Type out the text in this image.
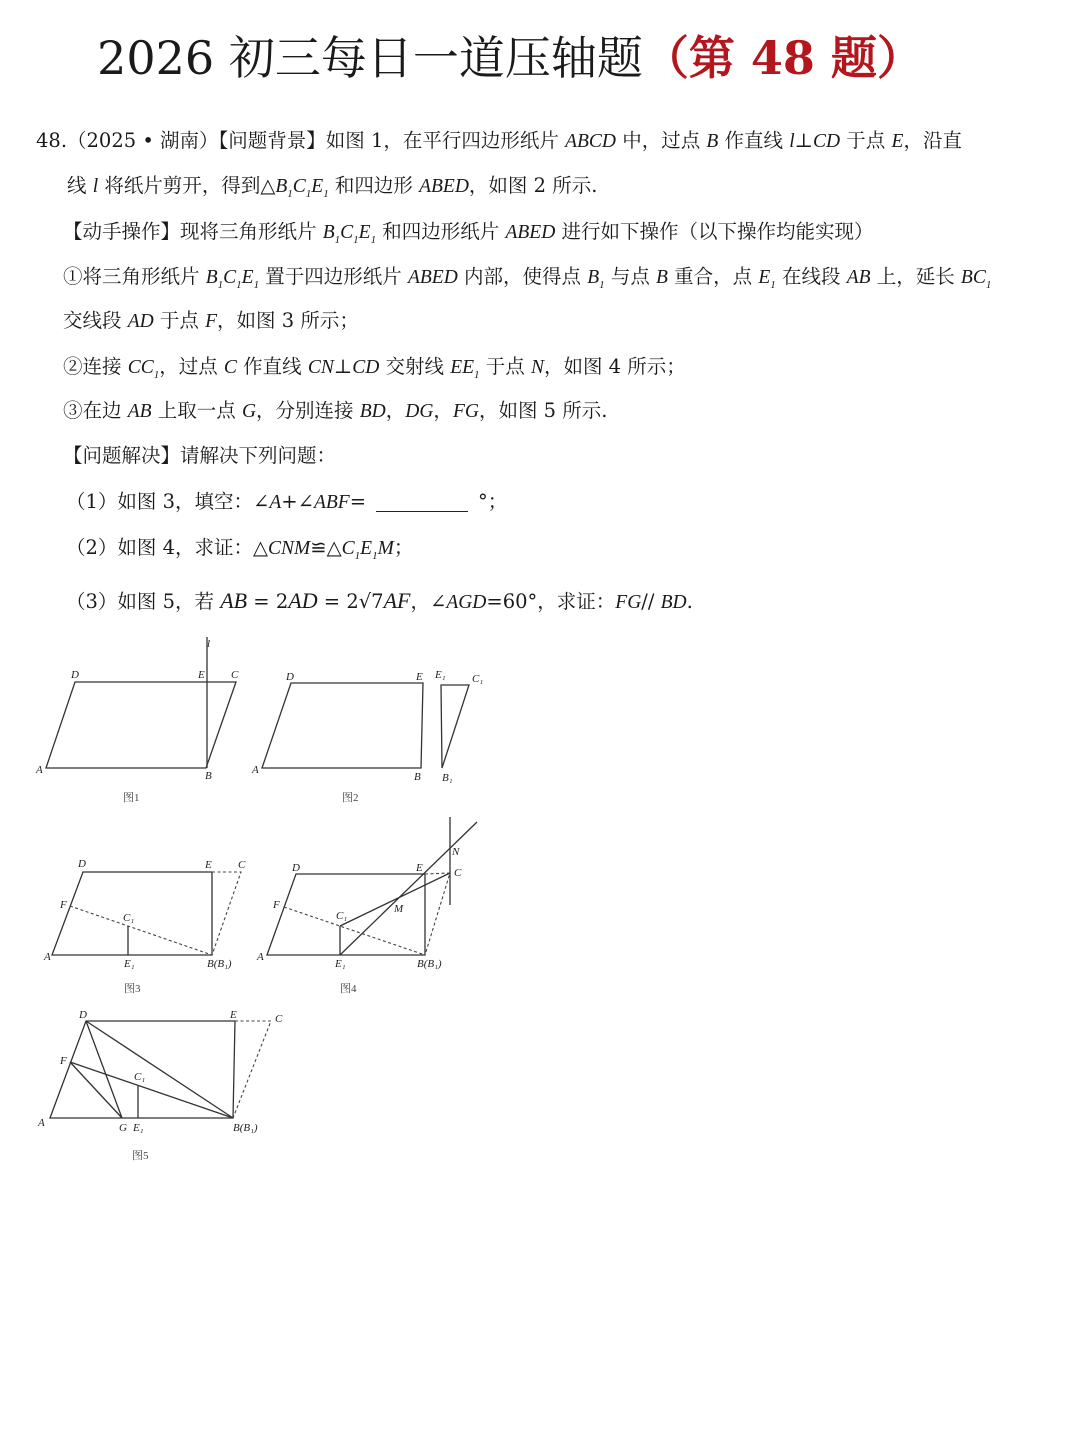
2026 初三每日一道压轴题（第 48 题）
48.（2025 • 湖南）【问题背景】如图 1，在平行四边形纸片 ABCD 中，过点 B 作直线 l⊥CD 于点 E，沿直
线 l 将纸片剪开，得到$\triangle B_1C_1E_1$ 和四边形 ABED，如图 2 所示.
【动手操作】现将三角形纸片 $B_1C_1E_1$ 和四边形纸片 ABED 进行如下操作（以下操作均能实现）
①将三角形纸片 $B_1C_1E_1$ 置于四边形纸片 ABED 内部，使得点 $B_1$ 与点 B 重合，点 $E_1$ 在线段 AB 上，延长 $BC_1$
交线段 AD 于点 F，如图 3 所示；
②连接 $CC_1$，过点 C 作直线 CN⊥CD 交射线 $EE_1$ 于点 N，如图 4 所示；
③在边 AB 上取一点 G，分别连接 BD，DG，FG，如图 5 所示.
【问题解决】请解决下列问题：
（1）如图 3，填空：∠A+∠ABF=	°；
（2）如图 4，求证：$\triangle CNM≌\triangle C_1E_1M$；
（3）如图 5，若 AB = 2AD = 2√7AF，∠AGD=60°，求证：FG// BD.
D	E C
A	B
l
图1
D	E E₁ C₁
A
B B₁
图2
D	E C
F
C₁
A
E₁	B(B₁)
图3
D	E
N
C
F	M
C₁
A
E₁	B(B₁)
图4
D	E	C
F
C₁
A	G E₁	B(B₁)
图5
